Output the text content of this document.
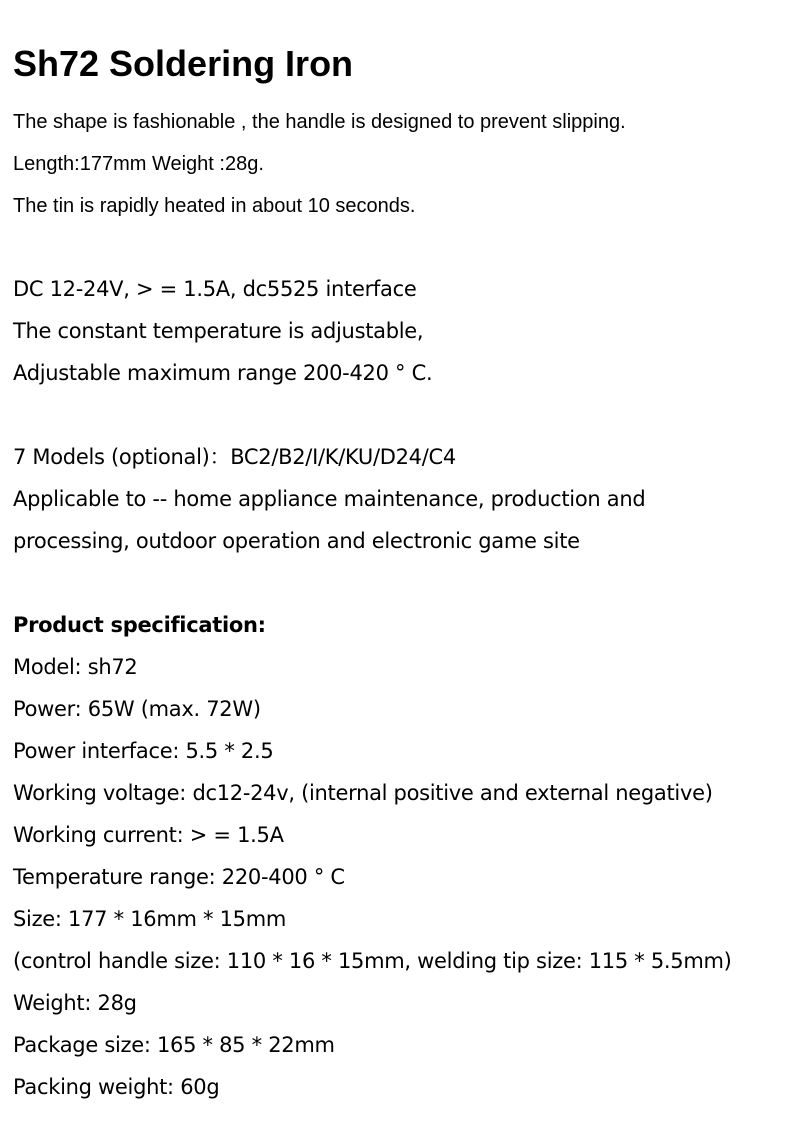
Sh72 Soldering Iron
The shape is fashionable , the handle is designed to prevent slipping.
Length:177mm Weight :28g.
The tin is rapidly heated in about 10 seconds.
DC 12-24V, > = 1.5A, dc5525 interface
The constant temperature is adjustable,
Adjustable maximum range 200-420 ° C.
7 Models (optional)：BC2/B2/I/K/KU/D24/C4
Applicable to -- home appliance maintenance, production and
processing, outdoor operation and electronic game site
Product specification:
Model: sh72
Power: 65W (max. 72W)
Power interface: 5.5 * 2.5
Working voltage: dc12-24v, (internal positive and external negative)
Working current: > = 1.5A
Temperature range: 220-400 ° C
Size: 177 * 16mm * 15mm
(control handle size: 110 * 16 * 15mm, welding tip size: 115 * 5.5mm)
Weight: 28g
Package size: 165 * 85 * 22mm
Packing weight: 60g
